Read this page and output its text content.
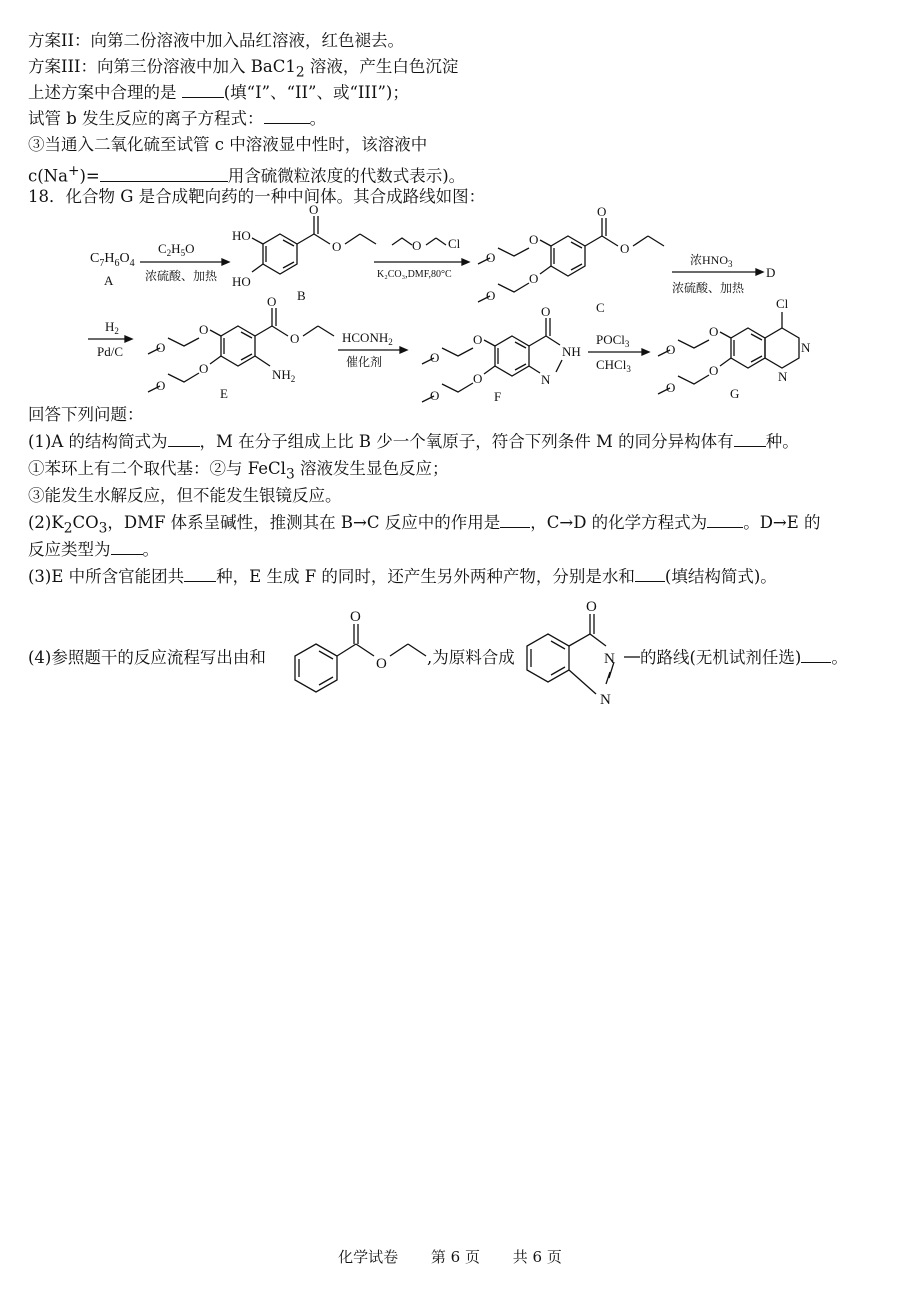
方案II：向第二份溶液中加入品红溶液，红色褪去。
方案III：向第三份溶液中加入 $BaC1_2$ 溶液，产生白色沉淀
上述方案中合理的是	(填“I”、“II”、或“III”)；
试管 b 发生反应的离子方程式：	。
③当通入二氧化硫至试管 c 中溶液显中性时，该溶液中
c(Na+)=	用含硫微粒浓度的代数式表示)。
18．化合物 G 是合成靶向药的一种中间体。其合成路线如图：
$C_7H_6O_4$
A
$C_2H_5O$
浓硫酸、加热
O
O
HO
HO
B
O Cl
K₂CO₃,DMF,80°C
O
O
O
O
O
O
C
浓$HNO_3$
浓硫酸、加热
D
$H_2$
Pd/C
O
O
$NH_2$
O
O
O
O
E
$HCONH_2$
催化剂
O
NH
N
O
O
O
O	F
POCl$_3$
CHCl$_3$
Cl
N
N
O
O
O
O	G
O
O
O
N
N
回答下列问题：
(1)A 的结构简式为 ，M 在分子组成上比 B 少一个氧原子，符合下列条件 M 的同分异构体有 种。
①苯环上有二个取代基：②与 FeCl$_3$ 溶液发生显色反应；
③能发生水解反应，但不能发生银镜反应。
$(2)K_2CO_3$，DMF 体系呈碱性，推测其在 B→C 反应中的作用是 ，C→D 的化学方程式为 。D→E 的
反应类型为 。
(3)E 中所含官能团共 种，E 生成 F 的同时，还产生另外两种产物，分别是水和 (填结构简式)。
(4)参照题干的反应流程写出由和	,为原料合成	的路线(无机试剂任选) 。
化学试卷 第 6 页 共 6 页
